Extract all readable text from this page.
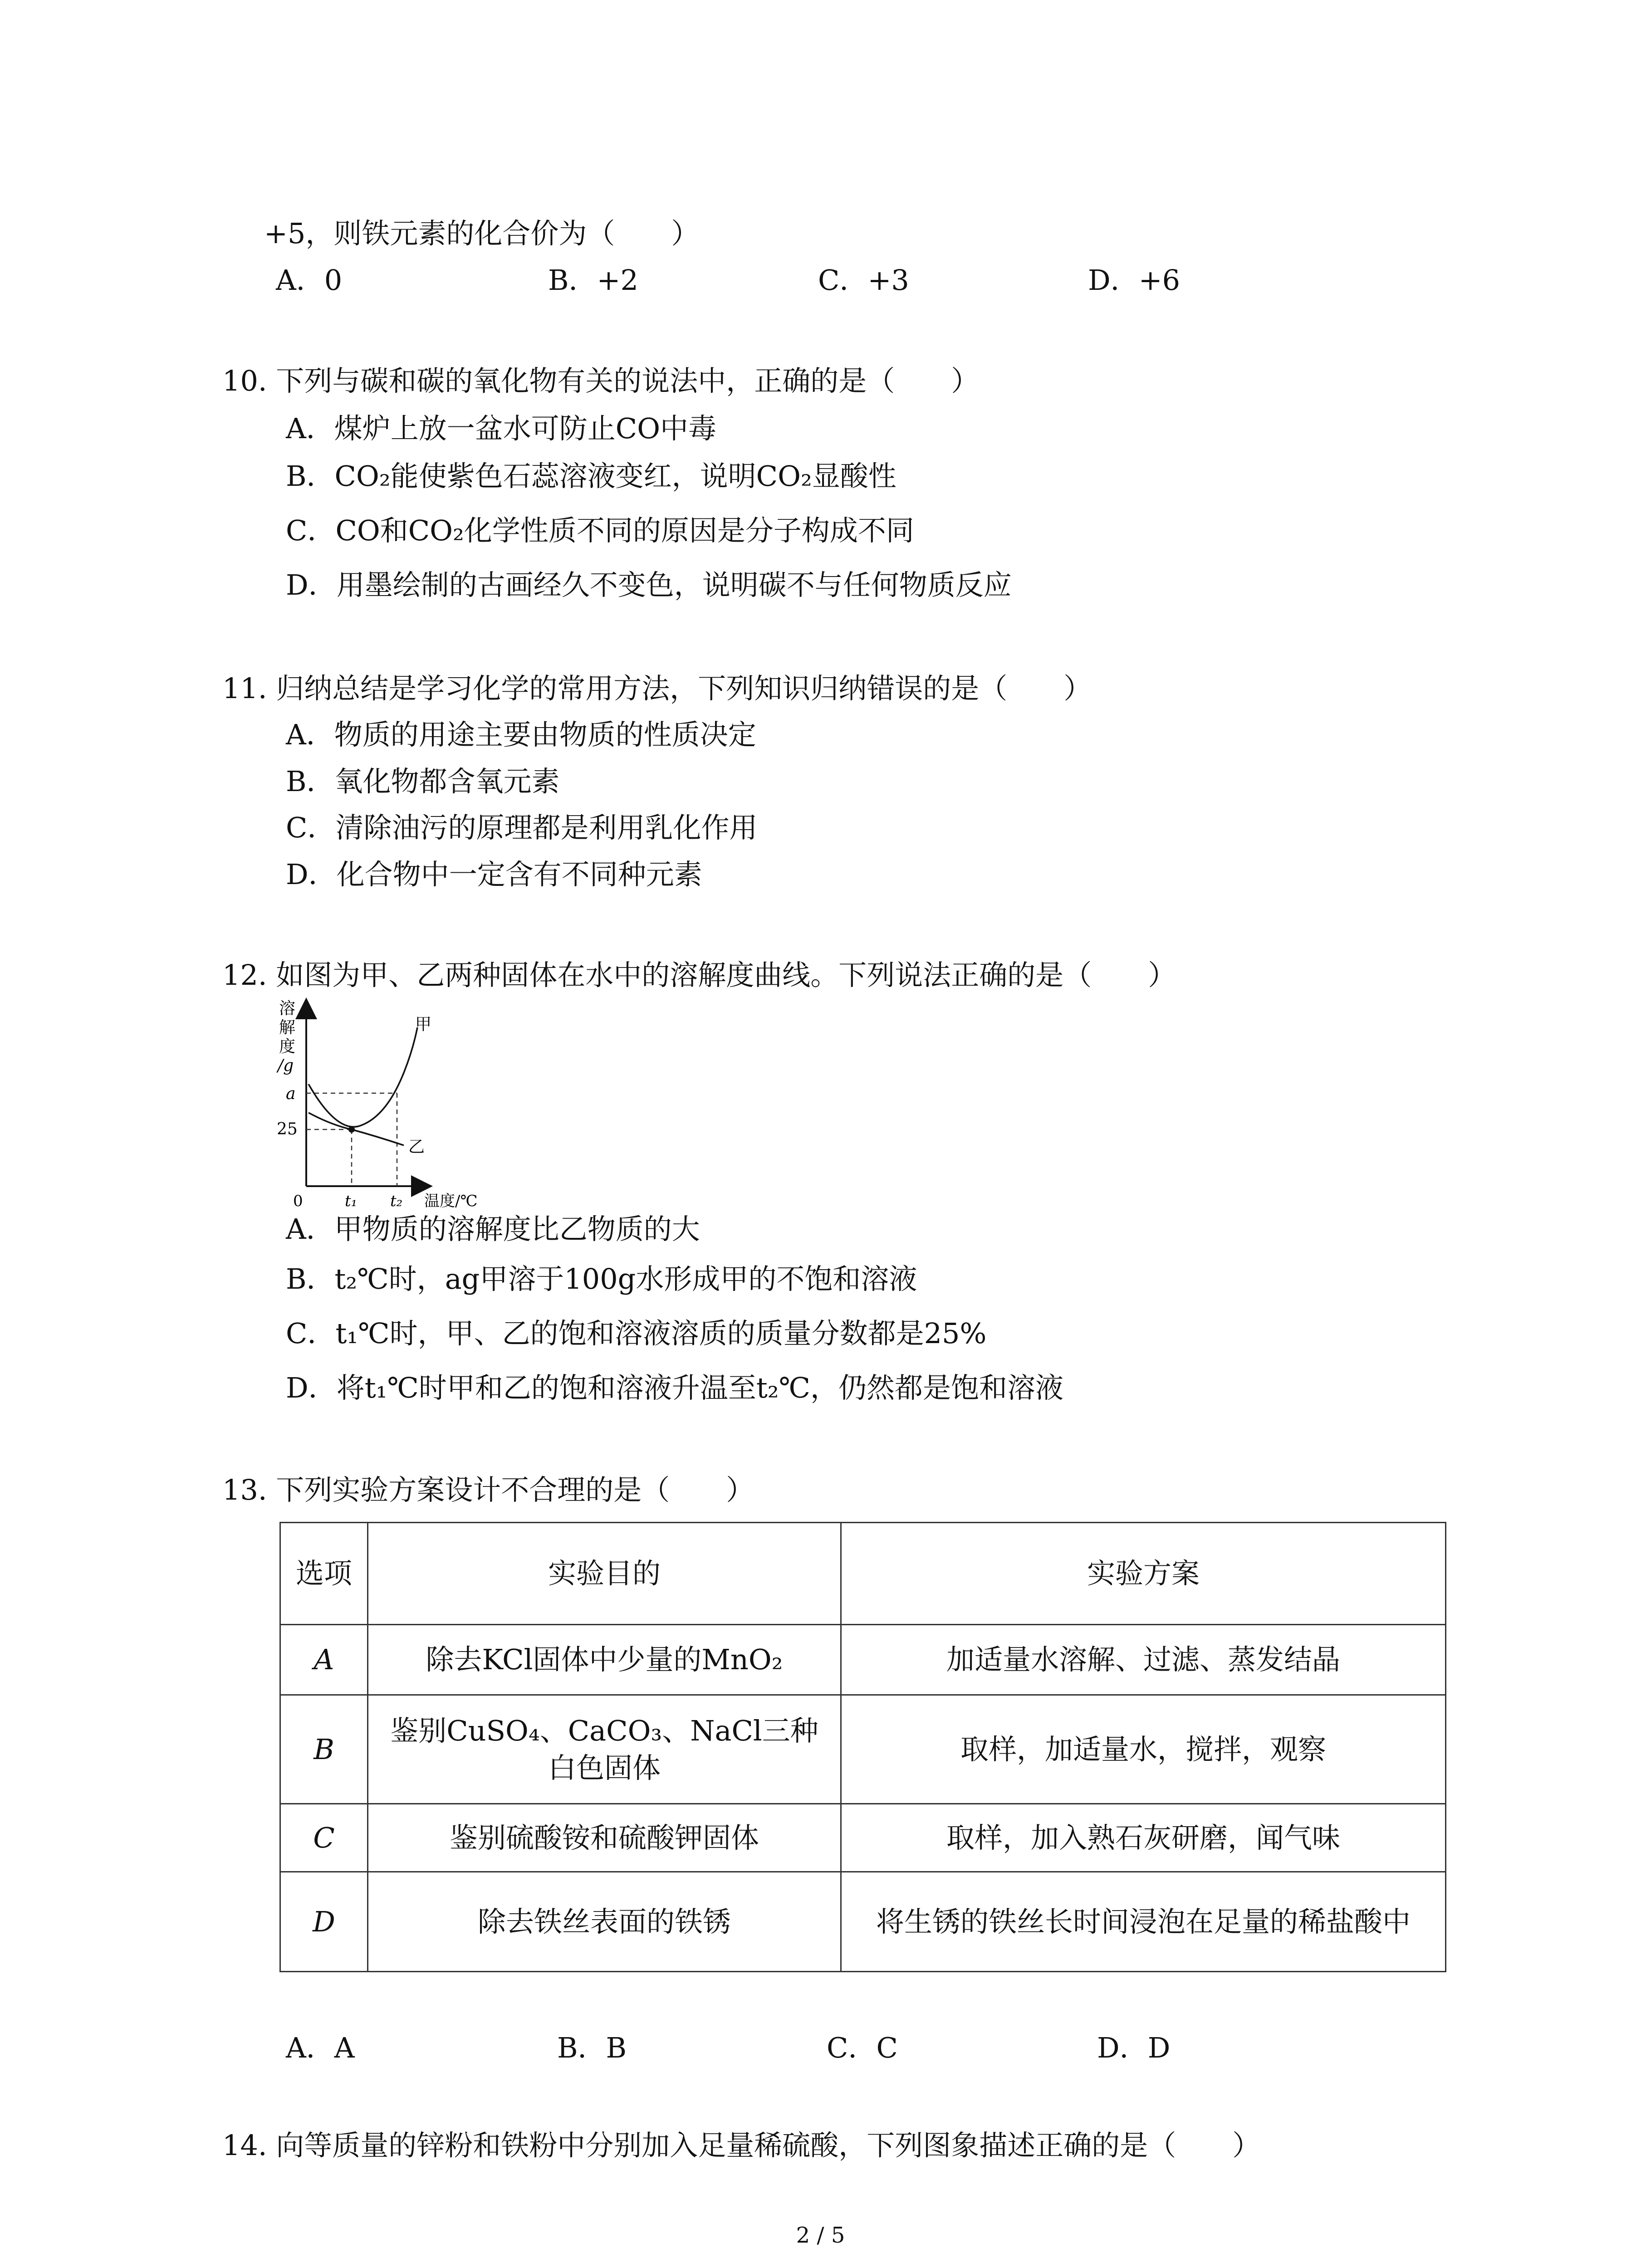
+5，则铁元素的化合价为（　　）
A．0	B．+2	C．+3	D．+6
10. 下列与碳和碳的氧化物有关的说法中，正确的是（　　）
A．煤炉上放一盆水可防止CO中毒
B．CO₂能使紫色石蕊溶液变红，说明CO₂显酸性
C．CO和CO₂化学性质不同的原因是分子构成不同
D．用墨绘制的古画经久不变色，说明碳不与任何物质反应
11. 归纳总结是学习化学的常用方法，下列知识归纳错误的是（　　）
A．物质的用途主要由物质的性质决定
B．氧化物都含氧元素
C．清除油污的原理都是利用乳化作用
D．化合物中一定含有不同种元素
12. 如图为甲、乙两种固体在水中的溶解度曲线。下列说法正确的是（　　）
溶
解
度
/g
a
25
0	t₁ t₂ 温度/℃
甲
乙
A．甲物质的溶解度比乙物质的大
B．t₂℃时，ag甲溶于100g水形成甲的不饱和溶液
C．t₁℃时，甲、乙的饱和溶液溶质的质量分数都是25%
D．将t₁℃时甲和乙的饱和溶液升温至t₂℃，仍然都是饱和溶液
13. 下列实验方案设计不合理的是（　　）
选项	实验目的	实验方案
A	除去KCl固体中少量的MnO₂	加适量水溶解、过滤、蒸发结晶
B	鉴别CuSO₄、CaCO₃、NaCl三种白色固体	取样，加适量水，搅拌，观察
C	鉴别硫酸铵和硫酸钾固体	取样，加入熟石灰研磨，闻气味
D	除去铁丝表面的铁锈	将生锈的铁丝长时间浸泡在足量的稀盐酸中
A．A	B．B	C．C	D．D
14. 向等质量的锌粉和铁粉中分别加入足量稀硫酸，下列图象描述正确的是（　　）
2 / 5
